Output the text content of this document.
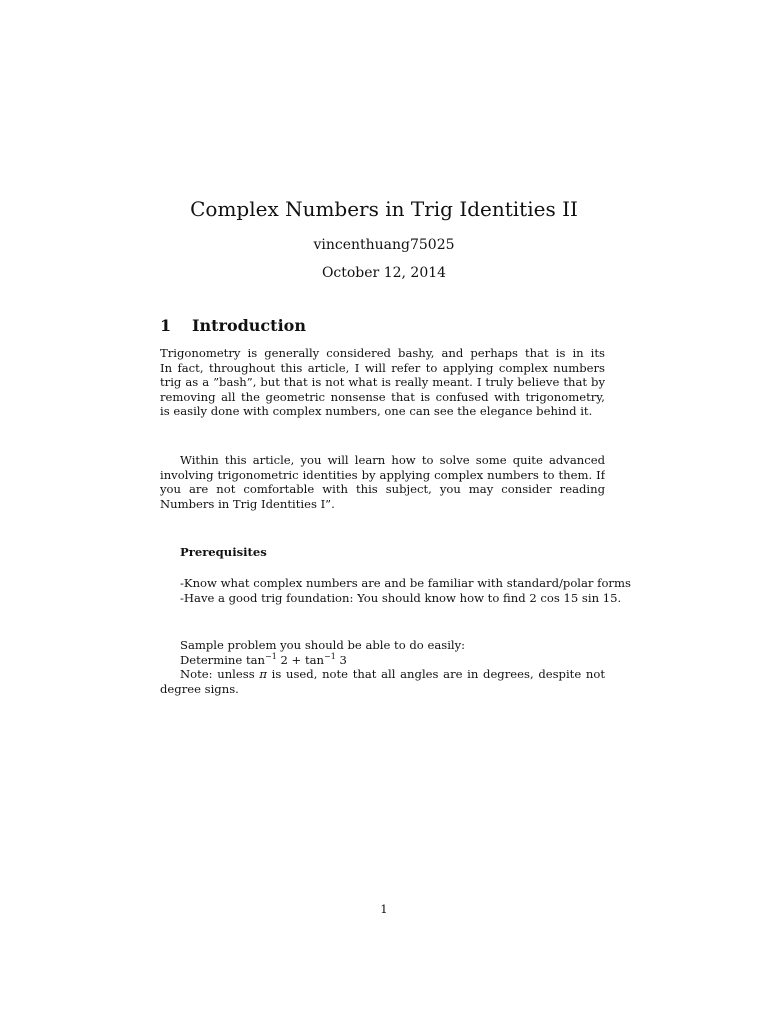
Complex Numbers in Trig Identities II
vincenthuang75025
October 12, 2014
1 Introduction
Trigonometry is generally considered bashy, and perhaps that is in its
In fact, throughout this article, I will refer to applying complex numbers
trig as a ”bash”, but that is not what is really meant. I truly believe that by
removing all the geometric nonsense that is confused with trigonometry,
is easily done with complex numbers, one can see the elegance behind it.
Within this article, you will learn how to solve some quite advanced
involving trigonometric identities by applying complex numbers to them. If
you are not comfortable with this subject, you may consider reading
Numbers in Trig Identities I”.
Prerequisites
-Know what complex numbers are and be familiar with standard/polar forms
-Have a good trig foundation: You should know how to find 2 cos 15 sin 15.
Sample problem you should be able to do easily:
Determine $\tan^{-1} 2 + \tan^{-1} 3$
Note: unless π is used, note that all angles are in degrees, despite not
degree signs.
1
